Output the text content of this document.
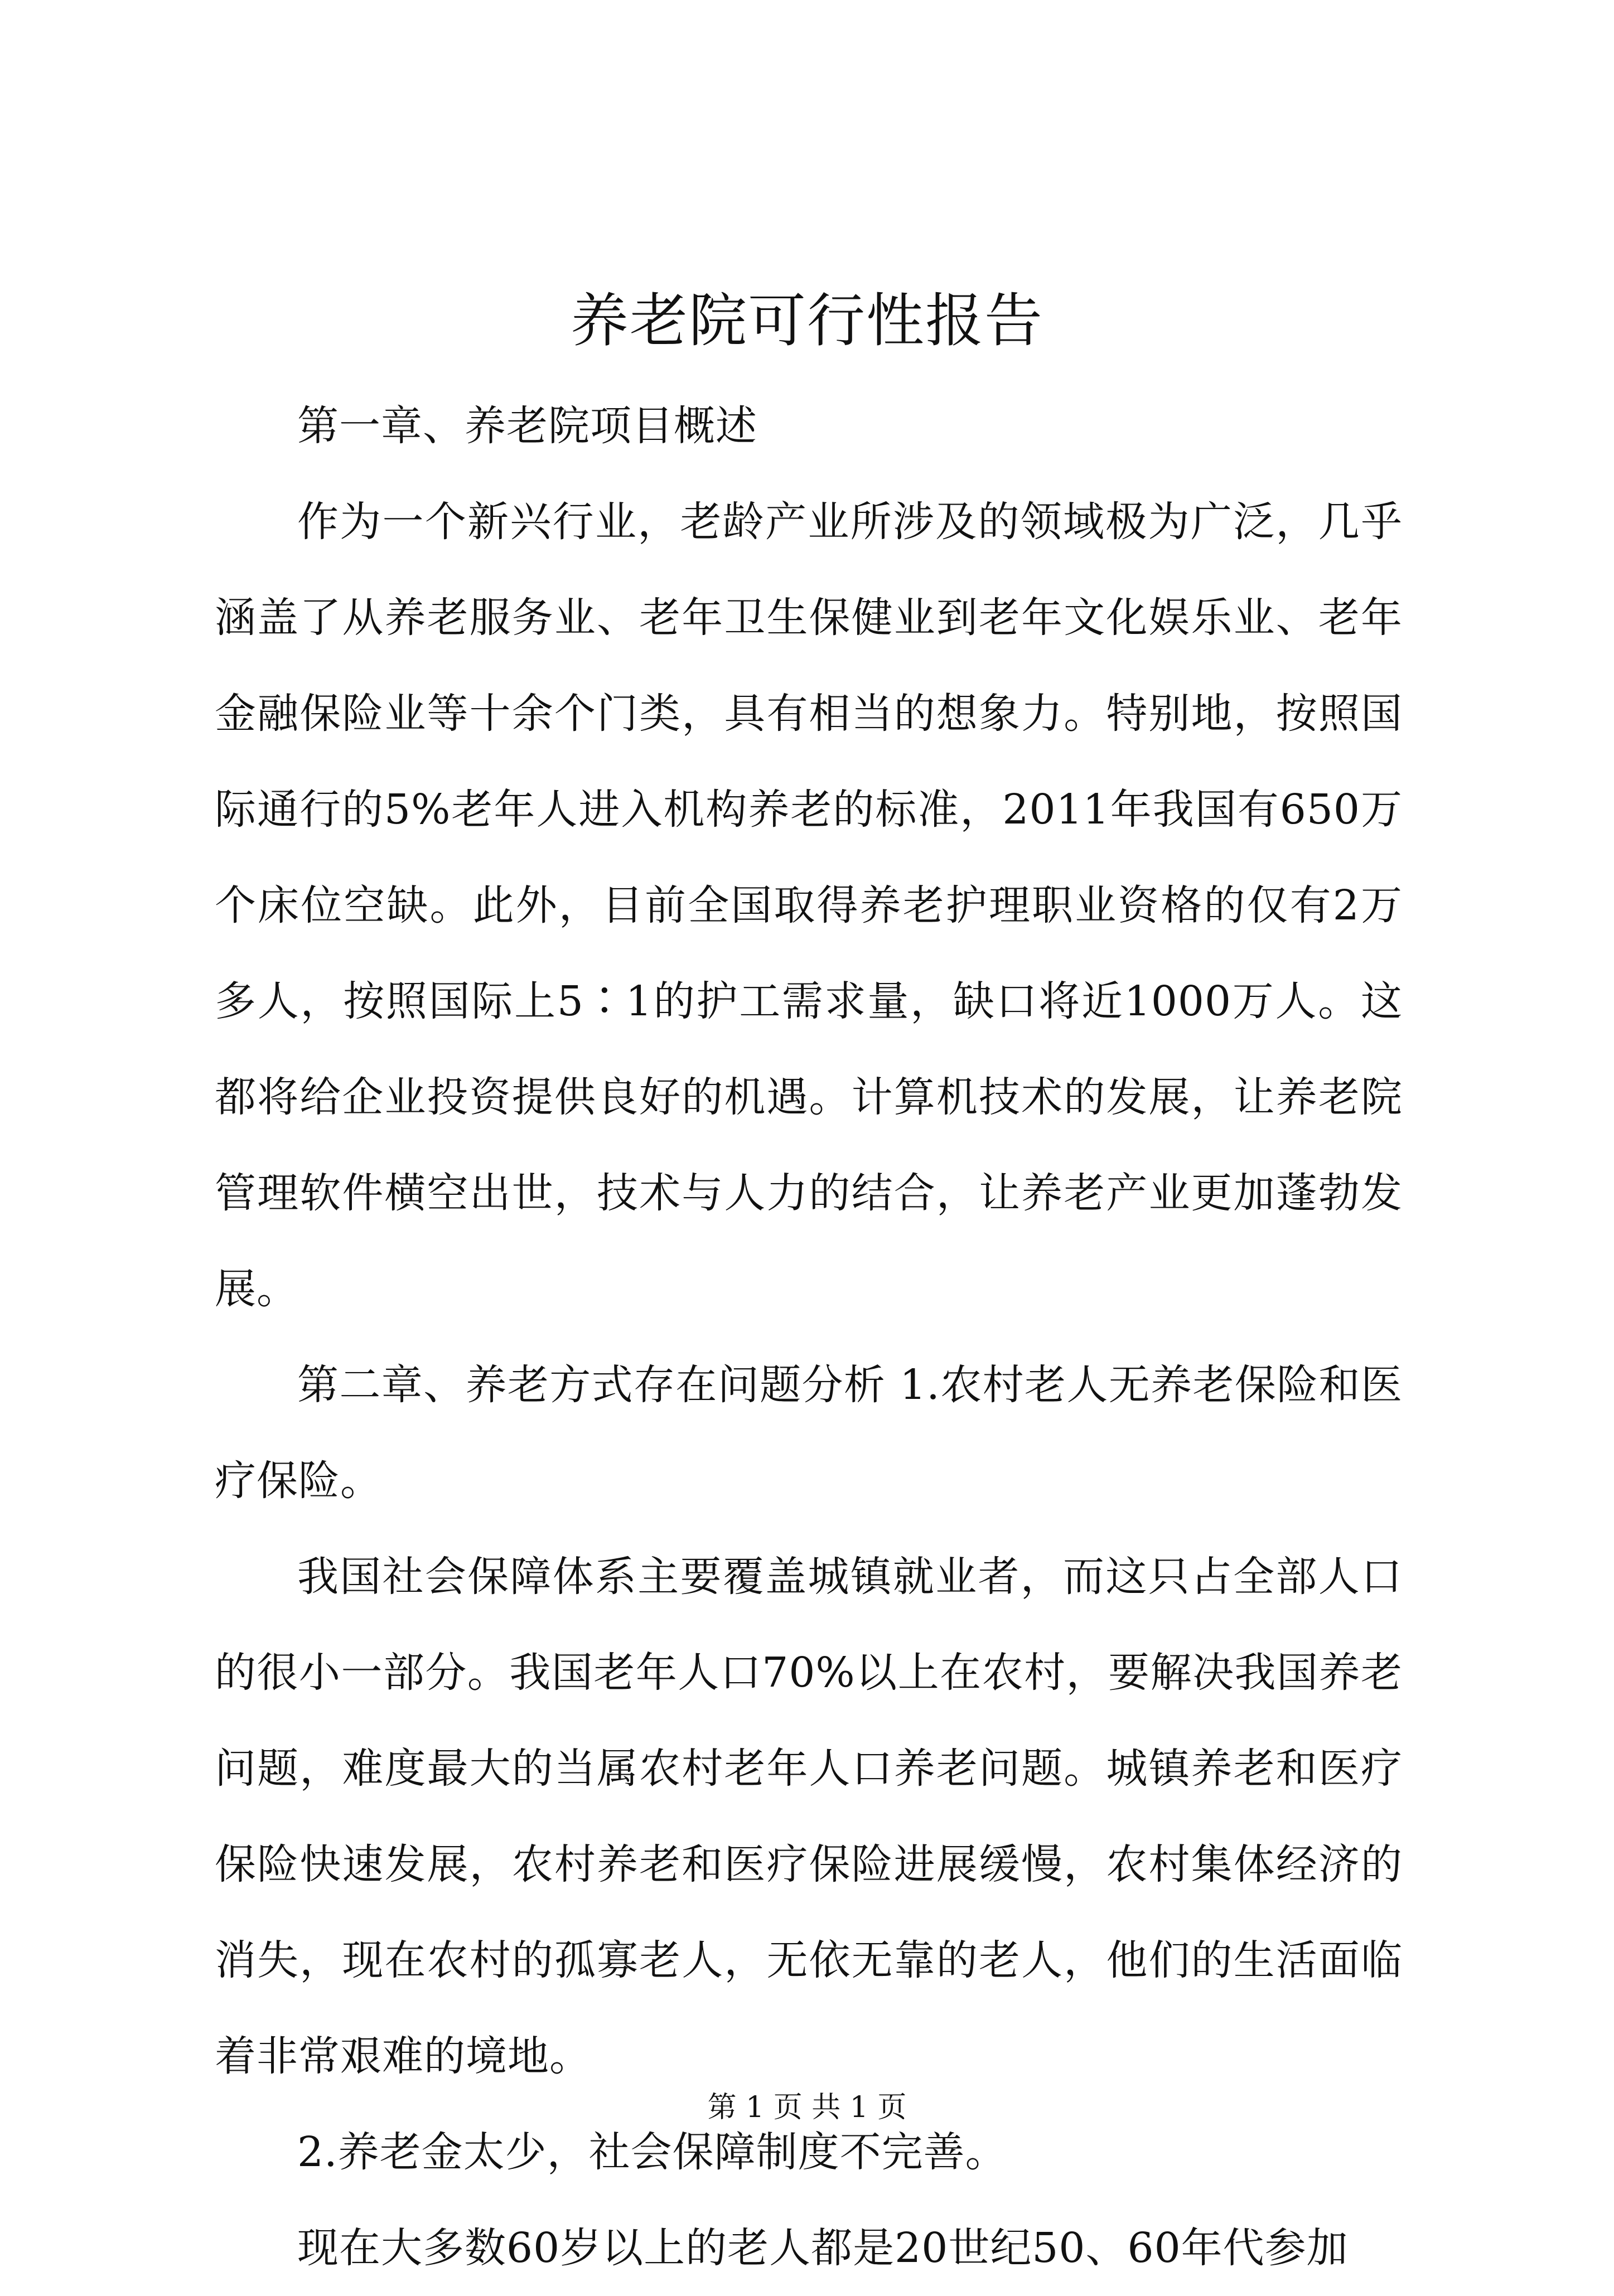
养老院可行性报告

第一章、养老院项目概述

作为一个新兴行业，老龄产业所涉及的领域极为广泛，几乎涵盖了从养老服务业、老年卫生保健业到老年文化娱乐业、老年金融保险业等十余个门类，具有相当的想象力。特别地，按照国际通行的5%老年人进入机构养老的标准，2011年我国有650万个床位空缺。此外，目前全国取得养老护理职业资格的仅有2万多人，按照国际上5∶1的护工需求量，缺口将近1000万人。这都将给企业投资提供良好的机遇。计算机技术的发展，让养老院管理软件横空出世，技术与人力的结合，让养老产业更加蓬勃发展。

第二章、养老方式存在问题分析 1.农村老人无养老保险和医疗保险。

我国社会保障体系主要覆盖城镇就业者，而这只占全部人口的很小一部分。我国老年人口70%以上在农村，要解决我国养老问题，难度最大的当属农村老年人口养老问题。城镇养老和医疗保险快速发展，农村养老和医疗保险进展缓慢，农村集体经济的消失，现在农村的孤寡老人，无依无靠的老人，他们的生活面临着非常艰难的境地。

2.养老金太少，社会保障制度不完善。

现在大多数60岁以上的老人都是20世纪50、60年代参加

第 1 页 共 1 页
